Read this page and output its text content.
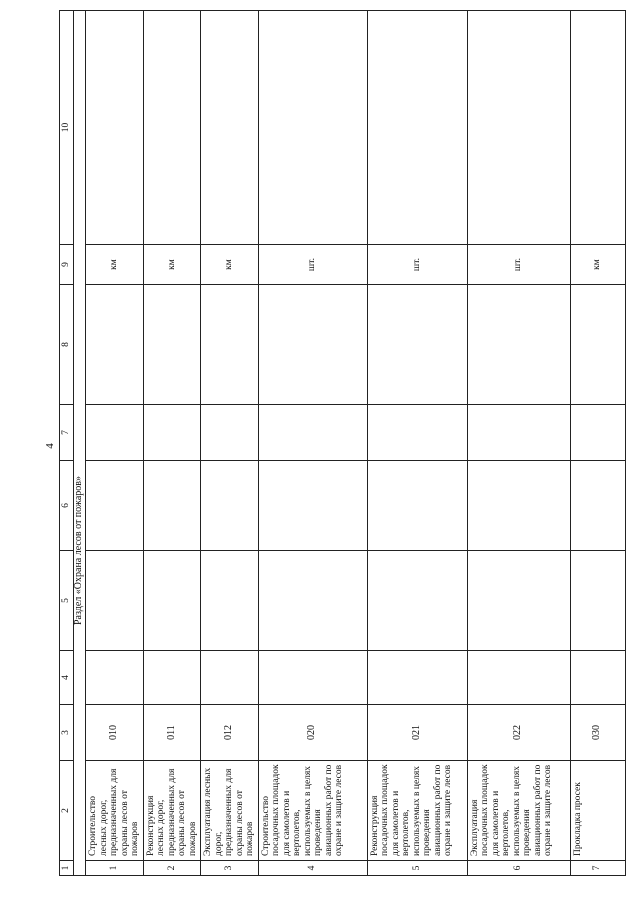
4
1	2	3	4	5	6	7	8	9	10
Раздел «Охрана лесов от пожаров»									
1	Строительство лесных дорог, предназначенных для охраны лесов от пожаров	010						км	
2	Реконструкция лесных дорог, предназначенных для охраны лесов от пожаров	011						км	
3	Эксплуатация лесных дорог, предназначенных для охраны лесов от пожаров	012						км	
4	Строительство посадочных площадок для самолетов и вертолетов, используемых в целях проведения авиационных работ по охране и защите лесов	020						шт.	
5	Реконструкция посадочных площадок для самолетов и вертолетов, используемых в целях проведения авиационных работ по охране и защите лесов	021						шт.	
6	Эксплуатация посадочных площадок для самолетов и вертолетов, используемых в целях проведения авиационных работ по охране и защите лесов	022						шт.	
7	Прокладка просек	030						км	
